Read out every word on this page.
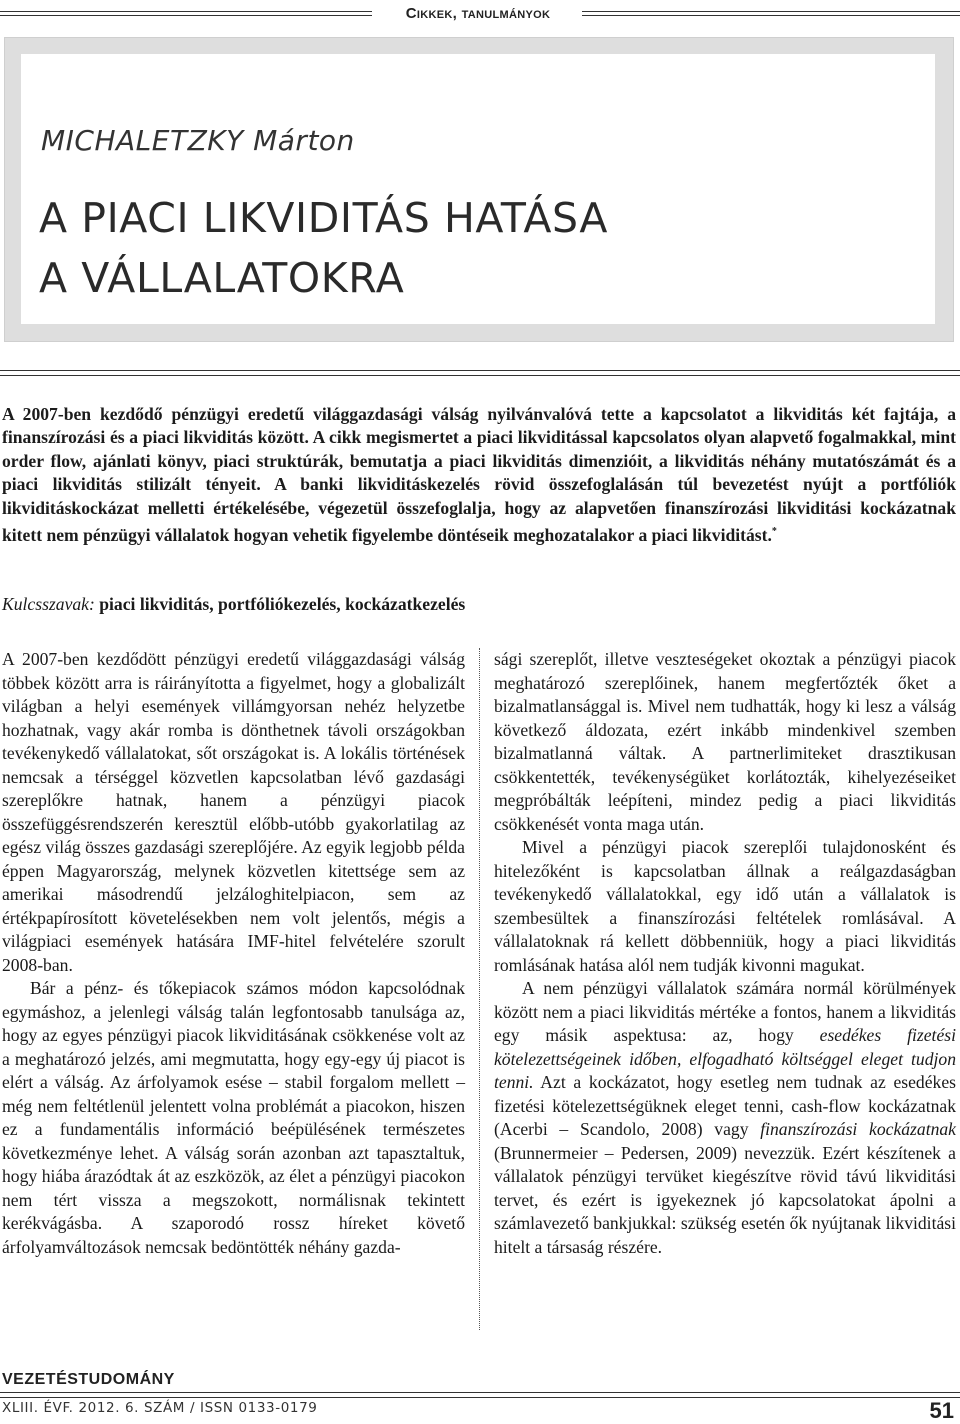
Cikkek, tanulmányok
MICHALETZKY Márton
A PIACI LIKVIDITÁS HATÁSA
A VÁLLALATOKRA
A 2007-ben kezdődő pénzügyi eredetű világgazdasági válság nyilvánvalóvá tette a kapcsolatot a likviditás két fajtája, a finanszírozási és a piaci likviditás között. A cikk megismertet a piaci likviditással kapcsolatos olyan alapvető fogalmakkal, mint order flow, ajánlati könyv, piaci struktúrák, bemutatja a piaci likviditás dimenzióit, a likviditás néhány mutatószámát és a piaci likviditás stilizált tényeit. A banki likviditáskezelés rövid összefoglalásán túl bevezetést nyújt a portfóliók likviditáskockázat melletti értékelésébe, végezetül összefoglalja, hogy az alapvetően finanszírozási likviditási kockázatnak kitett nem pénzügyi vállalatok hogyan vehetik figyelembe döntéseik meghozatalakor a piaci likviditást.*
Kulcsszavak: piaci likviditás, portfóliókezelés, kockázatkezelés

A 2007-ben kezdődött pénzügyi eredetű világgazdasági válság többek között arra is ráirányította a figyelmet, hogy a globalizált világban a helyi események villámgyorsan nehéz helyzetbe hozhatnak, vagy akár romba is dönthetnek távoli országokban tevékenykedő vállalatokat, sőt országokat is. A lokális történések nemcsak a térséggel közvetlen kapcsolatban lévő gazdasági szereplőkre hatnak, hanem a pénzügyi piacok összefüggésrendszerén keresztül előbb-utóbb gyakorlatilag az egész világ összes gazdasági szereplőjére. Az egyik legjobb példa éppen Magyarország, melynek közvetlen kitettsége sem az amerikai másodrendű jelzáloghitelpiacon, sem az értékpapírosított követelésekben nem volt jelentős, mégis a világpiaci események hatására IMF-hitel felvételére szorult 2008-ban.

Bár a pénz- és tőkepiacok számos módon kapcsolódnak egymáshoz, a jelenlegi válság talán legfontosabb tanulsága az, hogy az egyes pénzügyi piacok likviditásának csökkenése volt az a meghatározó jelzés, ami megmutatta, hogy egy-egy új piacot is elért a válság. Az árfolyamok esése – stabil forgalom mellett – még nem feltétlenül jelentett volna problémát a piacokon, hiszen ez a fundamentális információ beépülésének természetes következménye lehet. A válság során azonban azt tapasztaltuk, hogy hiába árazódtak át az eszközök, az élet a pénzügyi piacokon nem tért vissza a megszokott, normálisnak tekintett kerékvágásba. A szaporodó rossz híreket követő árfolyamváltozások nemcsak bedöntötték néhány gazda-

sági szereplőt, illetve veszteségeket okoztak a pénzügyi piacok meghatározó szereplőinek, hanem megfertőzték őket a bizalmatlansággal is. Mivel nem tudhatták, hogy ki lesz a válság következő áldozata, ezért inkább mindenkivel szemben bizalmatlanná váltak. A partnerlimiteket drasztikusan csökkentették, tevékenységüket korlátozták, kihelyezéseiket megpróbálták leépíteni, mindez pedig a piaci likviditás csökkenését vonta maga után.

Mivel a pénzügyi piacok szereplői tulajdonosként és hitelezőként is kapcsolatban állnak a reálgazdaságban tevékenykedő vállalatokkal, egy idő után a vállalatok is szembesültek a finanszírozási feltételek romlásával. A vállalatoknak rá kellett döbbenniük, hogy a piaci likviditás romlásának hatása alól nem tudják kivonni magukat.

A nem pénzügyi vállalatok számára normál körülmények között nem a piaci likviditás mértéke a fontos, hanem a likviditás egy másik aspektusa: az, hogy esedékes fizetési kötelezettségeinek időben, elfogadható költséggel eleget tudjon tenni. Azt a kockázatot, hogy esetleg nem tudnak az esedékes fizetési kötelezettségüknek eleget tenni, cash-flow kockázatnak (Acerbi – Scandolo, 2008) vagy finanszírozási kockázatnak (Brunnermeier – Pedersen, 2009) nevezzük. Ezért készítenek a vállalatok pénzügyi tervüket kiegészítve rövid távú likviditási tervet, és ezért is igyekeznek jó kapcsolatokat ápolni a számlavezető bankjukkal: szükség esetén ők nyújtanak likviditási hitelt a társaság részére.

VEZETÉSTUDOMÁNY
XLIII. ÉVF. 2012. 6. SZÁM / ISSN 0133-0179	51
